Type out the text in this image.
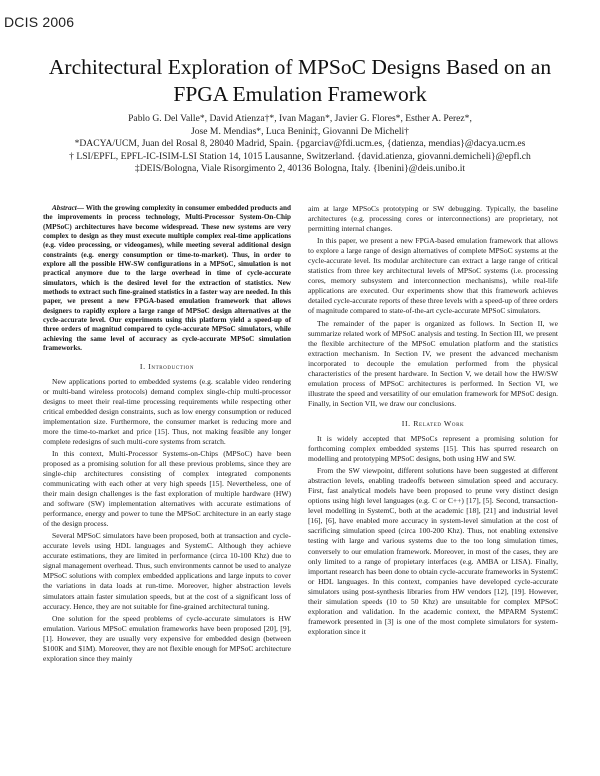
DCIS 2006
Architectural Exploration of MPSoC Designs Based on an
FPGA Emulation Framework
Pablo G. Del Valle*, David Atienza†*, Ivan Magan*, Javier G. Flores*, Esther A. Perez*,
Jose M. Mendias*, Luca Benini‡, Giovanni De Micheli†
*DACYA/UCM, Juan del Rosal 8, 28040 Madrid, Spain. {pgarciav@fdi.ucm.es, {datienza, mendias}@dacya.ucm.es
† LSI/EPFL, EPFL-IC-ISIM-LSI Station 14, 1015 Lausanne, Switzerland. {david.atienza, giovanni.demicheli}@epfl.ch
‡DEIS/Bologna, Viale Risorgimento 2, 40136 Bologna, Italy. {lbenini}@deis.unibo.it

Abstract— With the growing complexity in consumer embedded products and the improvements in process technology, Multi-Processor System-On-Chip (MPSoC) architectures have become widespread. These new systems are very complex to design as they must execute multiple complex real-time applications (e.g. video processing, or videogames), while meeting several additional design constraints (e.g. energy consumption or time-to-market). Thus, in order to explore all the possible HW-SW configurations in a MPSoC, simulation is not practical anymore due to the large overhead in time of cycle-accurate simulators, which is the desired level for the extraction of statistics. New methods to extract such fine-grained statistics in a faster way are needed. In this paper, we present a new FPGA-based emulation framework that allows designers to rapidly explore a large range of MPSoC design alternatives at the cycle-accurate level. Our experiments using this platform yield a speed-up of three orders of magnitud compared to cycle-accurate MPSoC simulators, while achieving the same level of accuracy as cycle-accurate MPSoC simulation frameworks.

I. Introduction

New applications ported to embedded systems (e.g. scalable video rendering or multi-band wireless protocols) demand complex single-chip multi-processor designs to meet their real-time processing requirements while respecting other critical embedded design constraints, such as low energy consumption or reduced implementation size. Furthermore, the consumer market is reducing more and more the time-to-market and price [15]. Thus, not making feasible any longer complete redesigns of such multi-core systems from scratch.

In this context, Multi-Processor Systems-on-Chips (MPSoC) have been proposed as a promising solution for all these previous problems, since they are single-chip architectures consisting of complex integrated components communicating with each other at very high speeds [15]. Nevertheless, one of their main design challenges is the fast exploration of multiple hardware (HW) and software (SW) implementation alternatives with accurate estimations of performance, energy and power to tune the MPSoC architecture in an early stage of the design process.

Several MPSoC simulators have been proposed, both at transaction and cycle-accurate levels using HDL languages and SystemC. Although they achieve accurate estimations, they are limited in performance (circa 10-100 Khz) due to signal management overhead. Thus, such environments cannot be used to analyze MPSoC solutions with complex embedded applications and large inputs to cover the variations in data loads at run-time. Moreover, higher abstraction levels simulators attain faster simulation speeds, but at the cost of a significant loss of accuracy. Hence, they are not suitable for fine-grained architectural tuning.

One solution for the speed problems of cycle-accurate simulators is HW emulation. Various MPSoC emulation frameworks have been proposed [20], [9], [1]. However, they are usually very expensive for embedded design (between $100K and $1M). Moreover, they are not flexible enough for MPSoC architecture exploration since they mainly

aim at large MPSoCs prototyping or SW debugging. Typically, the baseline architectures (e.g. processing cores or interconnections) are proprietary, not permitting internal changes.

In this paper, we present a new FPGA-based emulation framework that allows to explore a large range of design alternatives of complete MPSoC systems at the cycle-accurate level. Its modular architecture can extract a large range of critical statistics from three key architectural levels of MPSoC systems (i.e. processing cores, memory subsystem and interconnection mechanisms), while real-life applications are executed. Our experiments show that this framework achieves detailed cycle-accurate reports of these three levels with a speed-up of three orders of magnitude compared to state-of-the-art cycle-accurate MPSoC simulators.

The remainder of the paper is organized as follows. In Section II, we summarize related work of MPSoC analysis and testing. In Section III, we present the flexible architecture of the MPSoC emulation platform and the statistics extraction mechanism. In Section IV, we present the advanced mechanism incorporated to decouple the emulation performed from the physical characteristics of the present hardware. In Section V, we detail how the HW/SW emulation process of MPSoC architectures is performed. In Section VI, we illustrate the speed and versatility of our emulation framework for MPSoC design. Finally, in Section VII, we draw our conclusions.

II. Related Work

It is widely accepted that MPSoCs represent a promising solution for forthcoming complex embedded systems [15]. This has spurred research on modelling and prototyping MPSoC designs, both using HW and SW.

From the SW viewpoint, different solutions have been suggested at different abstraction levels, enabling tradeoffs between simulation speed and accuracy. First, fast analytical models have been proposed to prune very distinct design options using high level languages (e.g. C or C++) [17], [5]. Second, transaction-level modelling in SystemC, both at the academic [18], [21] and industrial level [16], [6], have enabled more accuracy in system-level simulation at the cost of sacrificing simulation speed (circa 100-200 Khz). Thus, not enabling extensive testing with large and various systems due to the too long simulation times, conversely to our emulation framework. Moreover, in most of the cases, they are only limited to a range of propietary interfaces (e.g. AMBA or LISA). Finally, important research has been done to obtain cycle-accurate frameworks in SystemC or HDL languages. In this context, companies have developed cycle-accurate simulators using post-synthesis libraries from HW vendors [12], [19]. However, their simulation speeds (10 to 50 Khz) are unsuitable for complex MPSoC exploration and validation. In the academic context, the MPARM SystemC framework presented in [3] is one of the most complete simulators for system-exploration since it
